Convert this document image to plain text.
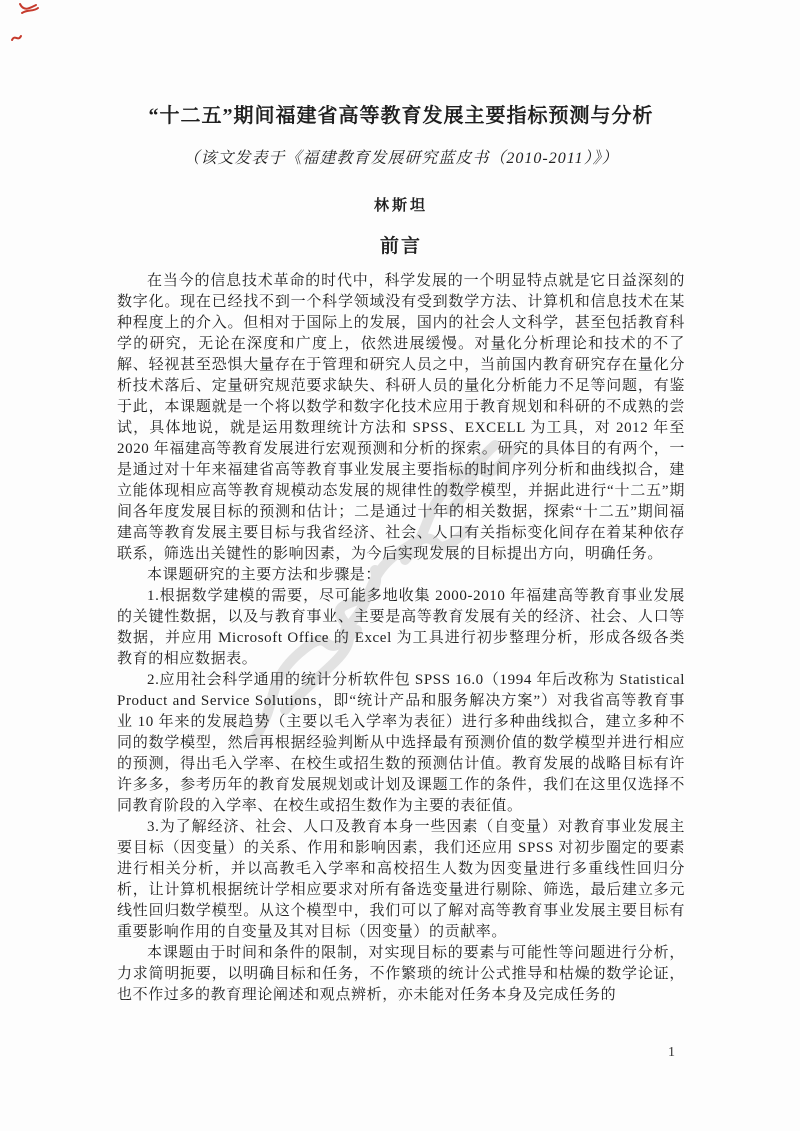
“十二五”期间福建省高等教育发展主要指标预测与分析
（该文发表于《福建教育发展研究蓝皮书（2010-2011）》）
林斯坦
前言

在当今的信息技术革命的时代中，科学发展的一个明显特点就是它日益深刻的数字化。现在已经找不到一个科学领域没有受到数学方法、计算机和信息技术在某种程度上的介入。但相对于国际上的发展，国内的社会人文科学，甚至包括教育科学的研究，无论在深度和广度上，依然进展缓慢。对量化分析理论和技术的不了解、轻视甚至恐惧大量存在于管理和研究人员之中，当前国内教育研究存在量化分析技术落后、定量研究规范要求缺失、科研人员的量化分析能力不足等问题，有鉴于此，本课题就是一个将以数学和数字化技术应用于教育规划和科研的不成熟的尝试，具体地说，就是运用数理统计方法和 SPSS、EXCELL 为工具，对 2012 年至 2020 年福建高等教育发展进行宏观预测和分析的探索。研究的具体目的有两个，一是通过对十年来福建省高等教育事业发展主要指标的时间序列分析和曲线拟合，建立能体现相应高等教育规模动态发展的规律性的数学模型，并据此进行“十二五”期间各年度发展目标的预测和估计；二是通过十年的相关数据，探索“十二五”期间福建高等教育发展主要目标与我省经济、社会、人口有关指标变化间存在着某种依存联系，筛选出关键性的影响因素，为今后实现发展的目标提出方向，明确任务。

本课题研究的主要方法和步骤是：

1.根据数学建模的需要，尽可能多地收集 2000-2010 年福建高等教育事业发展的关键性数据，以及与教育事业、主要是高等教育发展有关的经济、社会、人口等数据，并应用 Microsoft Office 的 Excel 为工具进行初步整理分析，形成各级各类教育的相应数据表。

2.应用社会科学通用的统计分析软件包 SPSS 16.0（1994 年后改称为 Statistical Product and Service Solutions，即“统计产品和服务解决方案”）对我省高等教育事业 10 年来的发展趋势（主要以毛入学率为表征）进行多种曲线拟合，建立多种不同的数学模型，然后再根据经验判断从中选择最有预测价值的数学模型并进行相应的预测，得出毛入学率、在校生或招生数的预测估计值。教育发展的战略目标有许许多多，参考历年的教育发展规划或计划及课题工作的条件，我们在这里仅选择不同教育阶段的入学率、在校生或招生数作为主要的表征值。

3.为了解经济、社会、人口及教育本身一些因素（自变量）对教育事业发展主要目标（因变量）的关系、作用和影响因素，我们还应用 SPSS 对初步圈定的要素进行相关分析，并以高教毛入学率和高校招生人数为因变量进行多重线性回归分析，让计算机根据统计学相应要求对所有备选变量进行剔除、筛选，最后建立多元线性回归数学模型。从这个模型中，我们可以了解对高等教育事业发展主要目标有重要影响作用的自变量及其对目标（因变量）的贡献率。

本课题由于时间和条件的限制，对实现目标的要素与可能性等问题进行分析，力求简明扼要，以明确目标和任务，不作繁琐的统计公式推导和枯燥的数学论证，也不作过多的教育理论阐述和观点辨析，亦未能对任务本身及完成任务的

1
